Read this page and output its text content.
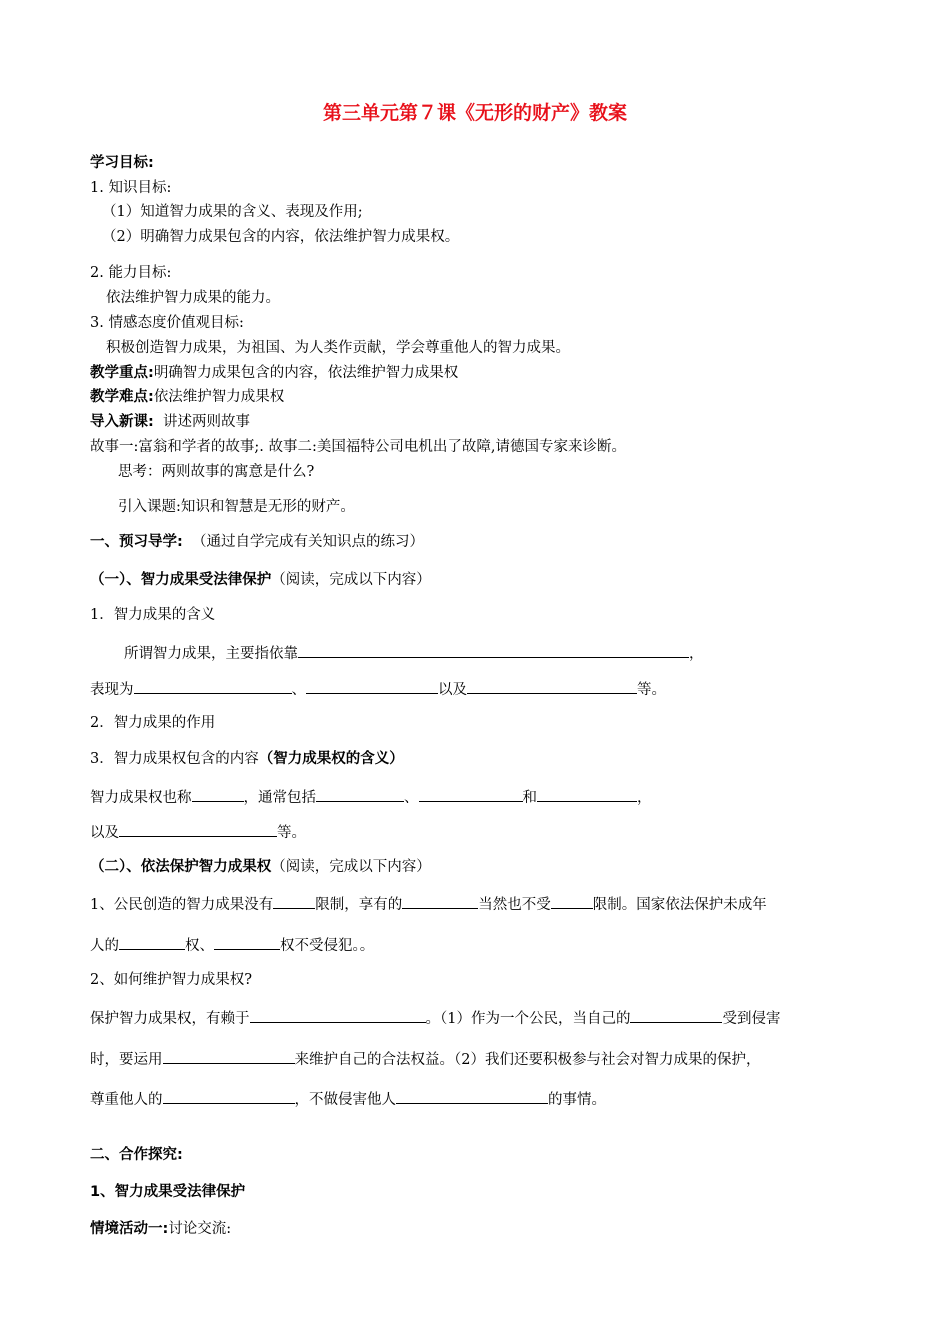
第三单元第７课《无形的财产》教案
学习目标:
1. 知识目标:
（1）知道智力成果的含义、表现及作用;
（2）明确智力成果包含的内容，依法维护智力成果权。
2. 能力目标:
依法维护智力成果的能力。
3. 情感态度价值观目标:
积极创造智力成果，为祖国、为人类作贡献，学会尊重他人的智力成果。
教学重点:明确智力成果包含的内容，依法维护智力成果权
教学难点:依法维护智力成果权
导入新课: 讲述两则故事
故事一:富翁和学者的故事;. 故事二:美国福特公司电机出了故障,请德国专家来诊断。
思考：两则故事的寓意是什么?
引入课题:知识和智慧是无形的财产。
一、预习导学: （通过自学完成有关知识点的练习）
（一）、智力成果受法律保护（阅读，完成以下内容）
1．智力成果的含义
所谓智力成果，主要指依靠	，
表现为	、	以及	等。
2．智力成果的作用
3．智力成果权包含的内容（智力成果权的含义）
智力成果权也称	，通常包括	、	和	，
以及	等。
（二）、依法保护智力成果权（阅读，完成以下内容）
1、公民创造的智力成果没有	限制，享有的	当然也不受	限制。国家依法保护未成年
人的	权、	权不受侵犯。。
2、如何维护智力成果权?
保护智力成果权，有赖于	。（1）作为一个公民，当自己的	受到侵害
时，要运用	来维护自己的合法权益。（2）我们还要积极参与社会对智力成果的保护，
尊重他人的	，不做侵害他人	的事情。
二、合作探究:
1、智力成果受法律保护
情境活动一:讨论交流:
